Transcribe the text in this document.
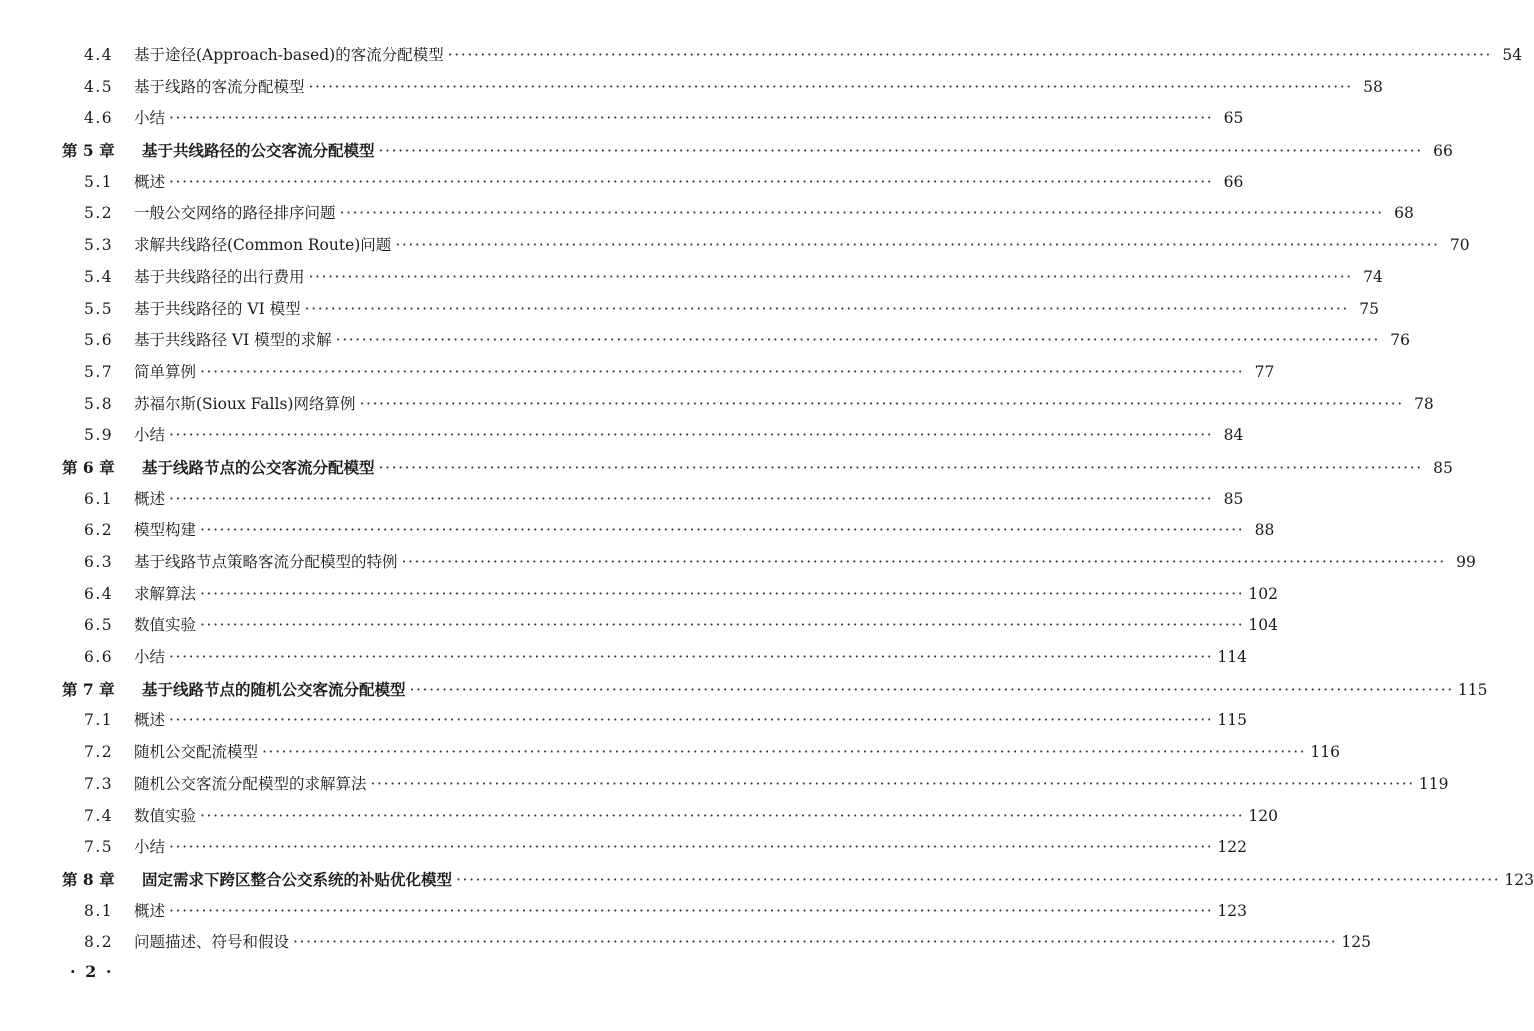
4.4	基于途径(Approach-based)的客流分配模型 ·····	54
4.5	基于线路的客流分配模型 ·····	58
4.6	小结 ·····	65
第 5 章	基于共线路径的公交客流分配模型 ·····	66
5.1	概述 ·····	66
5.2	一般公交网络的路径排序问题 ·····	68
5.3	求解共线路径(Common Route)问题 ·····	70
5.4	基于共线路径的出行费用 ·····	74
5.5	基于共线路径的 VI 模型 ·····	75
5.6	基于共线路径 VI 模型的求解 ·····	76
5.7	简单算例 ·····	77
5.8	苏福尔斯(Sioux Falls)网络算例 ·····	78
5.9	小结 ·····	84
第 6 章	基于线路节点的公交客流分配模型 ·····	85
6.1	概述 ·····	85
6.2	模型构建 ·····	88
6.3	基于线路节点策略客流分配模型的特例 ·····	99
6.4	求解算法 ·····	102
6.5	数值实验 ·····	104
6.6	小结 ·····	114
第 7 章	基于线路节点的随机公交客流分配模型 ·····	115
7.1	概述 ·····	115
7.2	随机公交配流模型 ·····	116
7.3	随机公交客流分配模型的求解算法 ·····	119
7.4	数值实验 ·····	120
7.5	小结 ·····	122
第 8 章	固定需求下跨区整合公交系统的补贴优化模型 ·····	123
8.1	概述 ·····	123
8.2	问题描述、符号和假设 ·····	125
· 2 ·
